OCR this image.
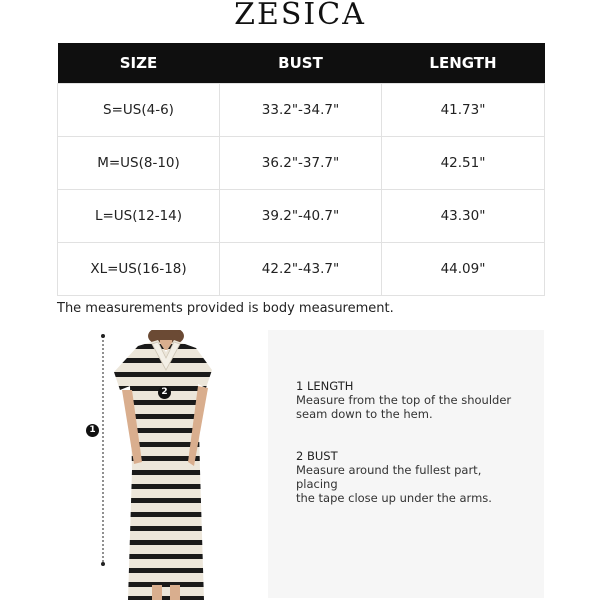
ZESICA
SIZE	BUST	LENGTH
S=US(4-6)	33.2"-34.7"	41.73"
M=US(8-10)	36.2"-37.7"	42.51"
L=US(12-14)	39.2"-40.7"	43.30"
XL=US(16-18)	42.2"-43.7"	44.09"
The measurements provided is body measurement.
1
2	1 LENGTH
Measure from the top of the shoulder
seam down to the hem.
2 BUST
Measure around the fullest part, placing
the tape close up under the arms.
